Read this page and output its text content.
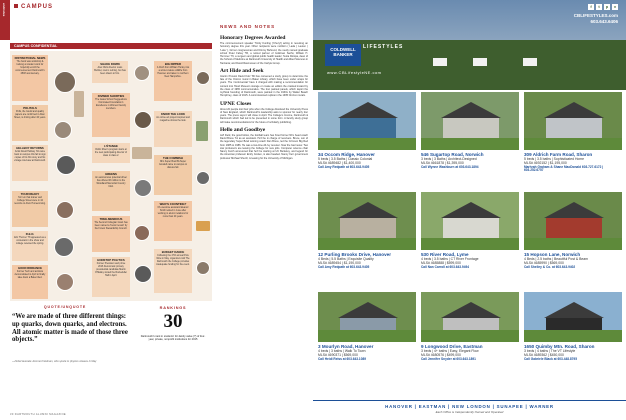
endnotes	CAMPUS
NEWS AND NOTES
CAMPUS CONFIDENTIAL
DISTINCTIONAL NEWS
The book was workshop & looking at student work for hopefully enroll the commencement Dartmouth's 250th anniversary.
POLITALS
Polls, the Gould and quality papers are confirmed in Allen Street, is driving after 40 years.
HELLBOY RETURNS
Artist David Hallissy '94 came back to campus this fall to sign copies of his film story and his vintage interview at Dartmouth.
TOUR READY
Tell 'em that trainer and College Street were in 44 records on Alum Homecoming.
R.E.O.
Eric Thorner '78 appeared as a contestant in the show and college received the spring.
GOOD RIDDANCE
Former Tech and activists demonstrated in April to finally take down a Baker tiled.
SHAKE DOWN
Alex Olick director Louis Burbler, now is retiring, but has been drawn to him.
DIVINED SHORTIES
The Gates School Suggestions Nominated Foundation's Excellence in Women Faculty members.
L'ÉTANGE
Rollin River's program starts at the new participating director of class in class 2.
GREENS
An autonomous potential driver has offered 46 million to the Woodland Memorial Country Club.
TREE-MENDOUS
The Second Collegian Grant has been named a 'heroic tenant' by the Forest Stewardship Council.
HONSTOP POLITICS
Former President and prime 2016 Democratic primary presidential candidate Martin O'Malley visited the Rockefeller Hall in April.
BIG DIPPER
A Cloth from William Hurley into a winter-mature wildlife from Hanover and taken to northern New Hampshire.
KNOW THE LOOK
An online art project inspired and magazine shows the look.
THE COMMISH
NFL Super Bowl Bi-Super Goodell came to campus to discuss fall.
WHO'S COUNTING?
Of executive assistant Eleanor Smith retired in June after working in alumni relations for more than 20 years.
BUDGET DANCE
Following the 47th annual Pow Wow in May, organizers told The Dartmouth the College provides inadequate funding for the event.
QUOTE/UNQUOTE
“We are made of three different things: up quarks, down quarks, and electrons. All atomic matter is made of those three objects.”
—Nobel laureate Jerome Friedman, who spoke to physics classes in May
RANKINGS
30
Dartmouth's rank in students' for-family value (?) of four-year, private, nonprofit institutions for 2015
30 DARTMOUTH ALUMNI MAGAZINE
Honorary Degrees Awarded

The commencement speaker Trinity Kunling ('Cheryl') acting in receiving an honorary degree this year. Other recipients were nutrition ( Lada ) Lauren ( 'Luke' ), former congressman and Dimmy Behrend, the newly named graduate school Peter Fahey '55, a retired partner of Goldman Sachs; William H. Hummer '79, a surgeon and global public health leader; Nuria Rotopa, dean of the School of Medicine at Dartmouth University of Health and Allied Sciences in Tanzania; and David Rasmussen of the Carlyle Group.

Art Hide and Seek

Interim Provost David Kotz '86 has convened a study group to determine the fate of the Orozco mural in Baker Library, which have been under wraps for years. The 'controversial' have it charged with making a recommendation for content into Hood Museum storage or create an edition the cracked inward by the class of 1965 commemorative. The four painted panels, which depict the mythical founding of Dartmouth, were painted in the 1930s by Walter Beach Humphrey, class of 1915. A commissioned replica in the 1935 Orozco murals.

UPNE Closes

About 20 people lost their jobs when the College dissolved the University Press of New England, which Dartmouth's leadership asks to sponsor for nearly four years. The press says it will close in April. The College's Income, Dartmouth & Dartmouth which had led to be presented in some form. A faculty study group will make recommendations for the future of scholarly publishing.

Hello and Goodbye

Jeff Field, the good fellow, the football team has hired former NFL head coach David Bruce '61 as an assistant. He'll be in charge of receivers. Bruce, son of the legendary Super Bowl winning coach Dan Bruce, led the Crimson Big Red from 1985 to 1986. He was a two-time All-Ivy receiver. Now the bad news: Two star professors are leaving the College for new jobs. Computer science chair Nancy Fetch announced that he'll be starting at UC Berkeley, and legend for the American professor Emily Coolen, is also headed. Nancy Kerr government professor Michael Sherril, is leaving for the University of Michigan.

f	t	p	v
CBLIFESTYLES.com
603.643.6406
COLDWELL
BANKER
LIFESTYLES
www.CBLifestyleNE.com
34 Occom Ridge, Hanover
5 beds | 3.5 Baths | Classic Colonial
MLS# 4689482 | $1,400,000
Call Amy Redpath at 603.643.9405
546 Sugartop Road, Norwich
3 beds | 3 Baths | Architect-Designed
MLS# 4661878 | $1,395,000
Call Wynne Washburn at 603.643.1894
309 Aldrich Farm Road, Sharon
5 beds | 3.5 baths | Sophisticated Home
MLS# 4692152 | $1,195,000
Marhrah Graham & Shane MacDonald 603.727.6172 | 603.252.6757
12 Purling Brooks Drive, Hanover
4 Beds | 5.5 Baths | Exquisite Quality
MLS# 4689454 | $1,190,000
Call Amy Redpath at 603.643.9405
530 River Road, Lyme
4 beds | 3.5 baths | CT River Frontage
MLS# 4685888 | $599,000
Call Nan Carroll at 603.643.9494
15 Hopson Lane, Norwich
4 Beds | 2.5 baths | Beautiful Post & Beam
MLS# 4685990 | $569,000
Call Shelley & Co. at 603.643.9402
3 Mourlyn Road, Hanover
4 beds | 3 baths | Walk To Town
MLS# 4690371 | $569,000
Call Heidi Reiss at 603.643.1089
9 Longwood Drive, Eastman
3 beds | 4+ baths | Easy, Elegant Flow
MLS# 4680576 | $499,000
Call Jennifer Snyder at 603.643.1891
1650 Quimby Mtn. Road, Sharon
3 beds | 4 baths | The VT Lifestyle
MLS# 4689362 | $450,000
Call Gabriele Black at 603.448.8795
HANOVER | EASTMAN | NEW LONDON | SUNAPEE | WARNER
Each Office is Independently Owned and Operated
